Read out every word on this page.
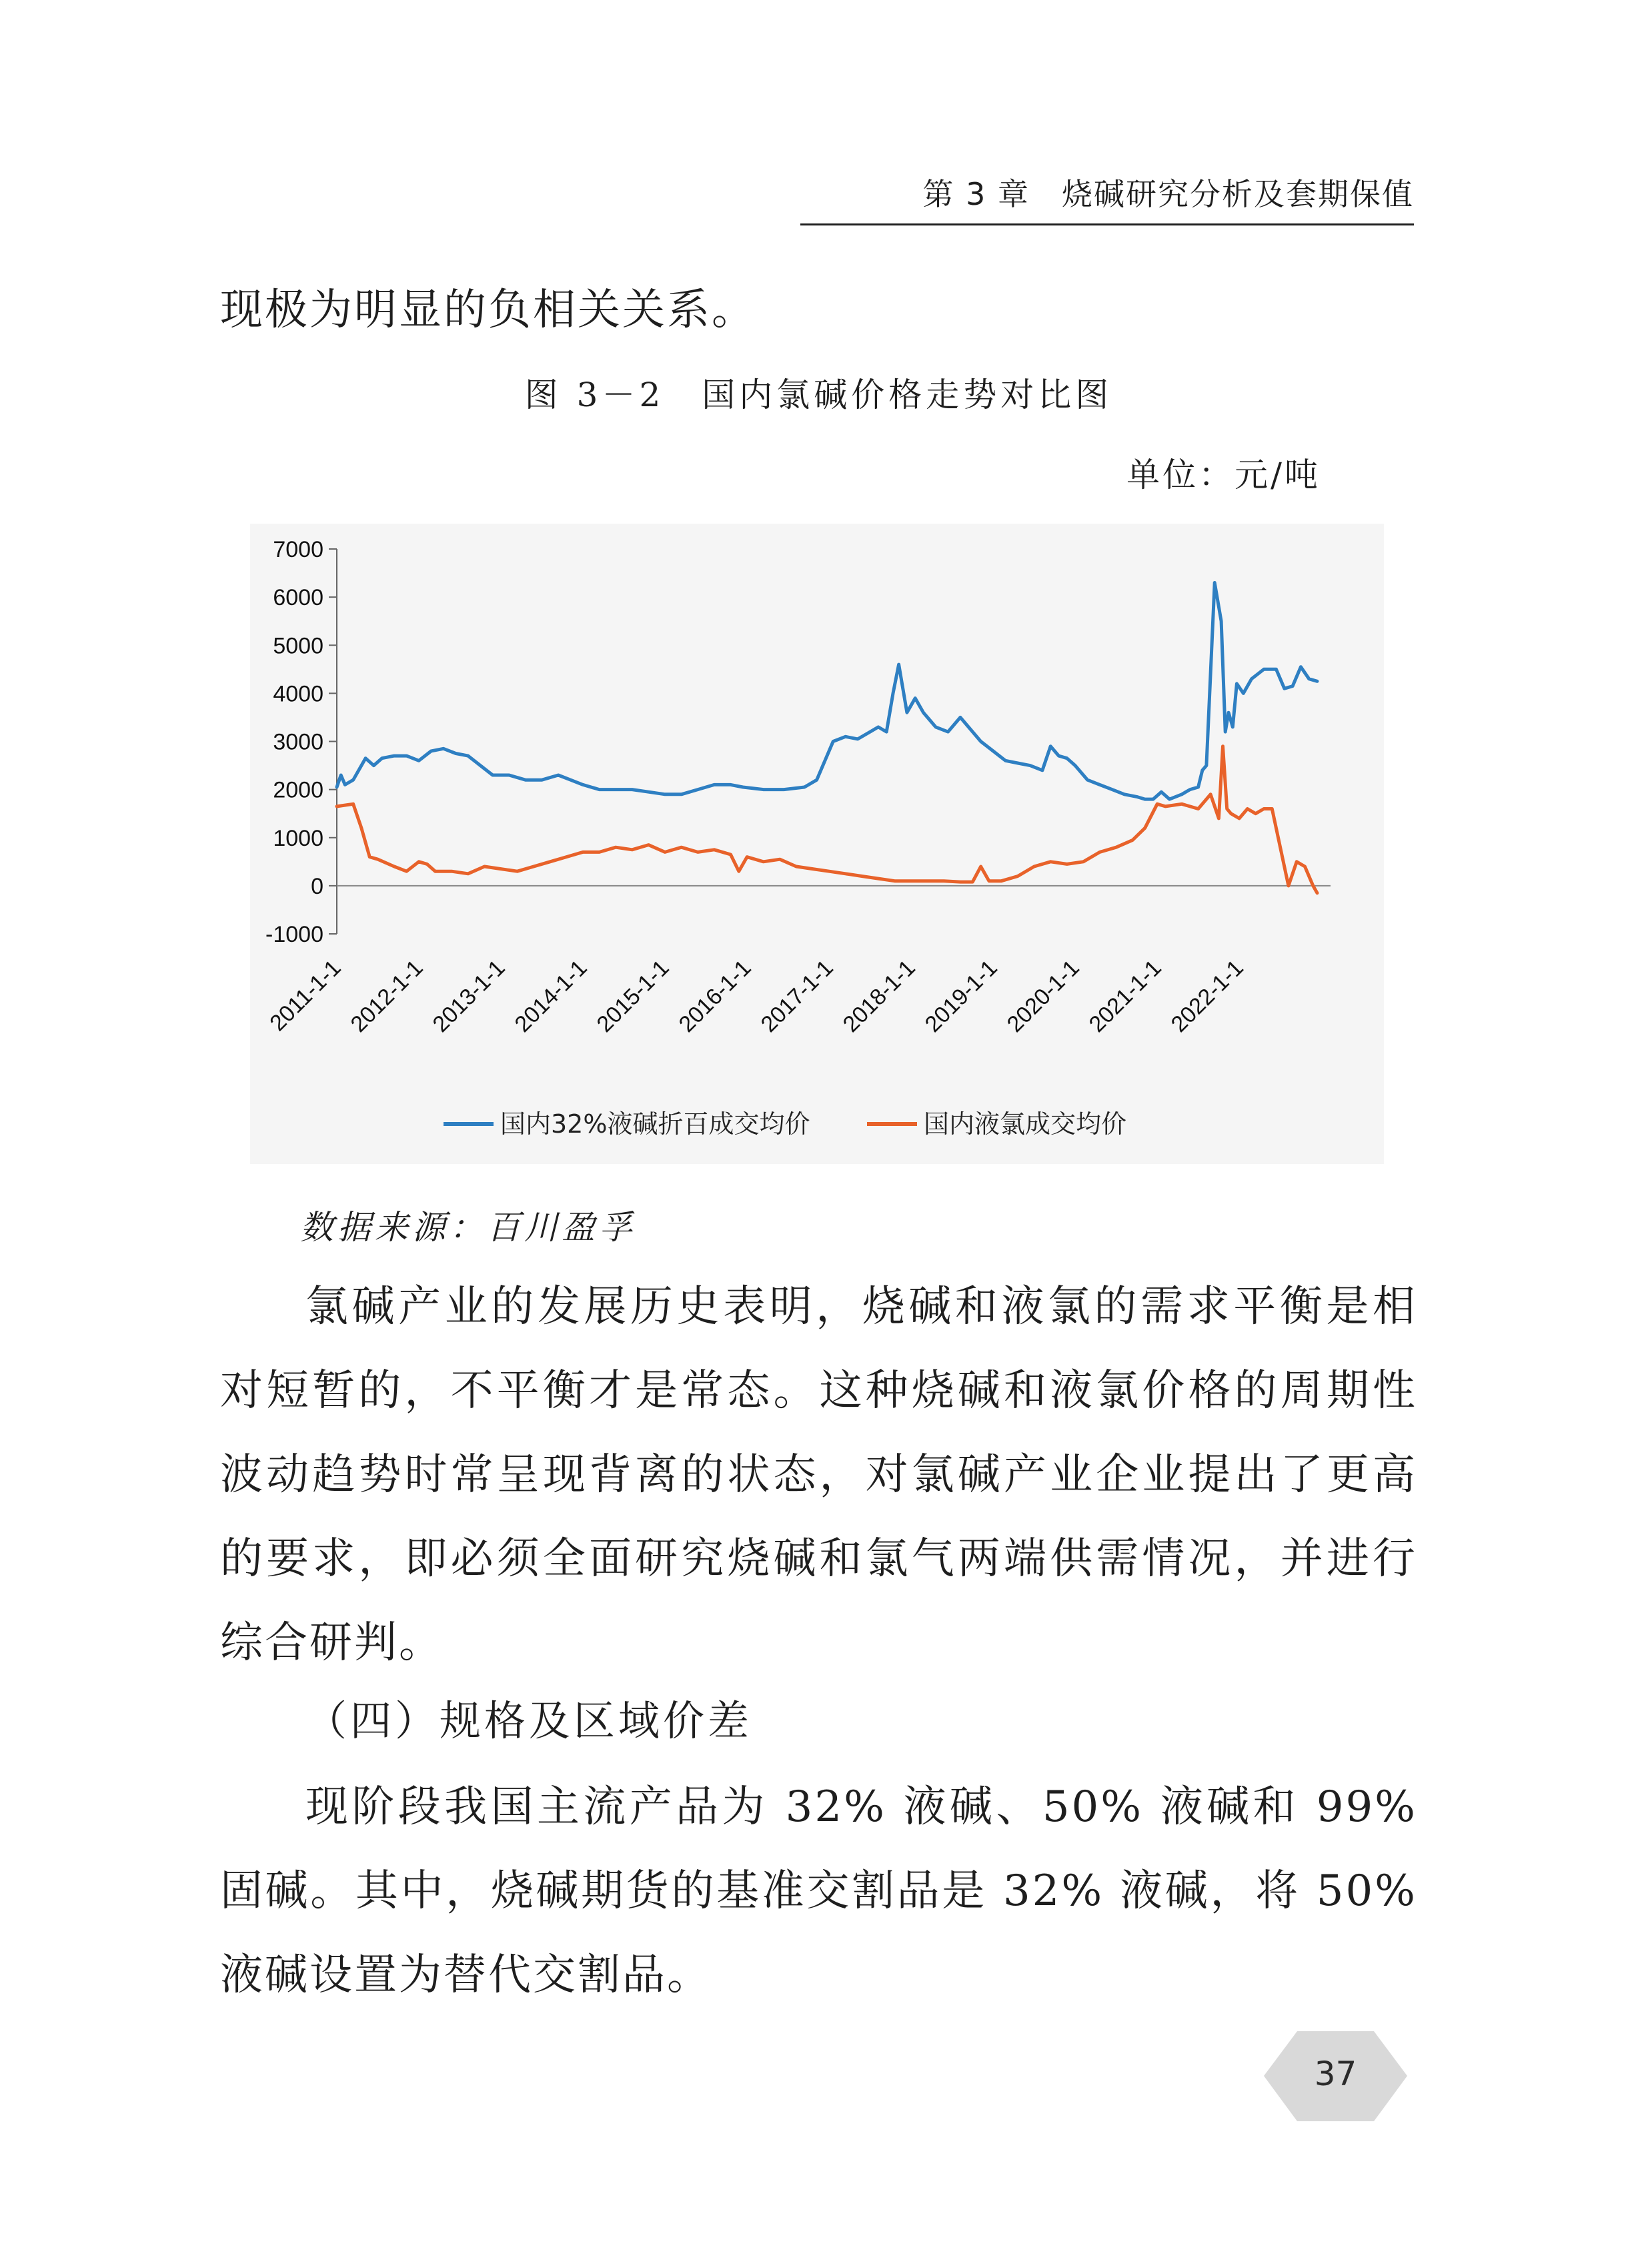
第 3 章　烧碱研究分析及套期保值

现极为明显的负相关关系。

图 3－2　国内氯碱价格走势对比图
单位：元/吨
7000
6000
5000
4000
3000
2000
1000
0
-1000
2011-1-1 2012-1-1 2013-1-1 2014-1-1 2015-1-1 2016-1-1 2017-1-1 2018-1-1 2019-1-1 2020-1-1 2021-1-1 2022-1-1
国内32%液碱折百成交均价	国内液氯成交均价
数据来源：百川盈孚

氯碱产业的发展历史表明，烧碱和液氯的需求平衡是相对短暂的，不平衡才是常态。这种烧碱和液氯价格的周期性波动趋势时常呈现背离的状态，对氯碱产业企业提出了更高的要求，即必须全面研究烧碱和氯气两端供需情况，并进行综合研判。

（四）规格及区域价差

现阶段我国主流产品为 32% 液碱、50% 液碱和 99% 固碱。其中，烧碱期货的基准交割品是 32% 液碱，将 50% 液碱设置为替代交割品。

37
